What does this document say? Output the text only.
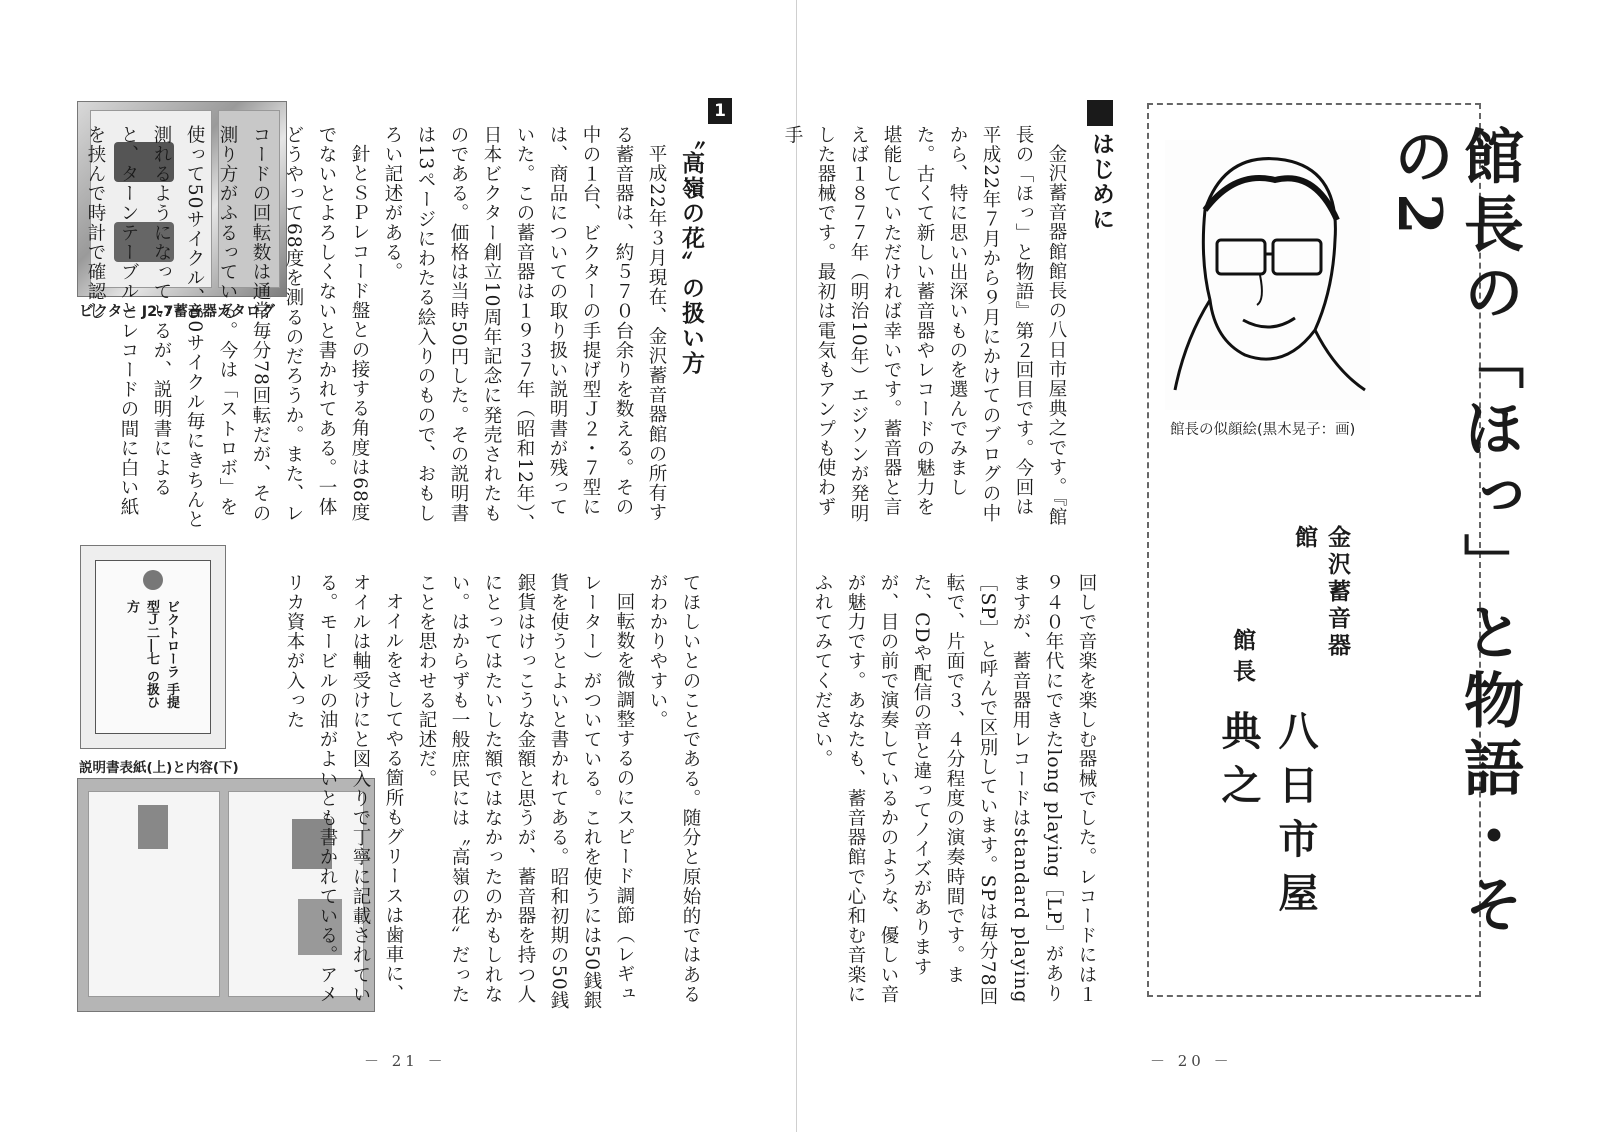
ビクター J2-7蓄音器カタログ
ビクトローラ 手提型Ｊ二―七 の扱ひ方
説明書表紙(上)と内容(下)
1 〝高嶺の花〟の扱い方

平成22年３月現在、金沢蓄音器館の所有する蓄音器は、約５７０台余りを数える。その中の１台、ビクターの手提げ型Ｊ２・７型には、商品についての取り扱い説明書が残っていた。この蓄音器は１９３７年（昭和12年）、日本ビクター創立10周年記念に発売されたものである。価格は当時50円した。その説明書は13ページにわたる絵入りのもので、おもしろい記述がある。

針とＳＰレコード盤との接する角度は68度でないとよろしくないと書かれてある。一体どうやって68度を測るのだろうか。また、レコードの回転数は通常毎分78回転だが、その測り方がふるっている。今は「ストロボ」を使って50サイクル、60サイクル毎にきちんと測れるようになっているが、説明書によると、ターンテーブルとレコードの間に白い紙を挟んで時計で確認し

てほしいとのことである。随分と原始的ではあるがわかりやすい。

回転数を微調整するのにスピード調節（レギュレーター）がついている。これを使うには50銭銀貨を使うとよいと書かれてある。昭和初期の50銭銀貨はけっこうな金額と思うが、蓄音器を持つ人にとってはたいした額ではなかったのかもしれない。はからずも一般庶民には〝高嶺の花〟だったことを思わせる記述だ。

オイルをさしてやる箇所もグリースは歯車に、オイルは軸受けにと図入りで丁寧に記載されている。モービルの油がよいとも書かれている。アメリカ資本が入った

－ 21 －
館長の「ほっ」と物語・その2
館長の似顔絵(黒木晃子：画)
金沢蓄音器館
館長
八日市屋　典之
はじめに

金沢蓄音器館館長の八日市屋典之です。『館長の「ほっ」と物語』第２回目です。今回は平成22年７月から９月にかけてのブログの中から、特に思い出深いものを選んでみました。古くて新しい蓄音器やレコードの魅力を堪能していただければ幸いです。蓄音器と言えば１８７７年（明治10年）エジソンが発明した器械です。最初は電気もアンプも使わず手

回しで音楽を楽しむ器械でした。レコードには１９４０年代にできたlong playing［LP］がありますが、蓄音器用レコードはstandard playing［SP］と呼んで区別しています。SPは毎分78回転で、片面で３、４分程度の演奏時間です。また、CDや配信の音と違ってノイズがありますが、目の前で演奏しているかのような、優しい音が魅力です。あなたも、蓄音器館で心和む音楽にふれてみてください。

－ 20 －
